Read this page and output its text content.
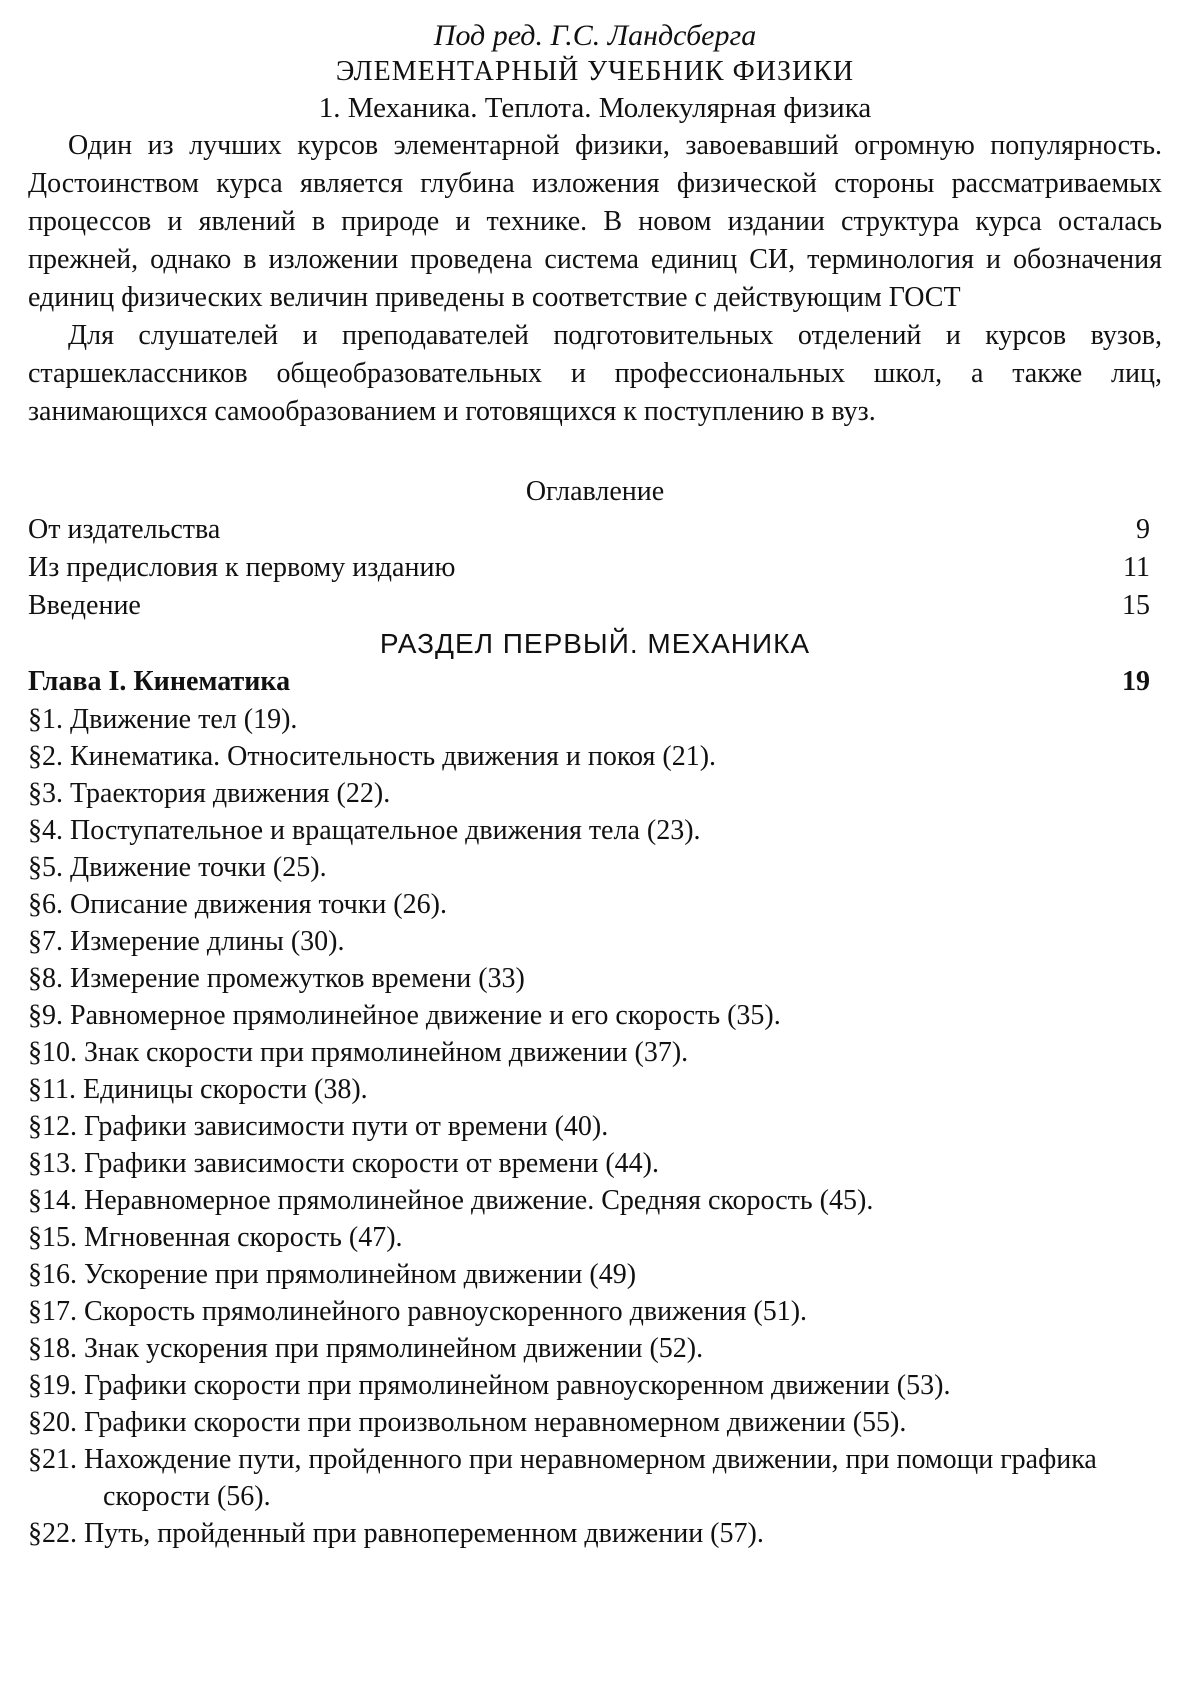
Под ред. Г.С. Ландсберга

ЭЛЕМЕНТАРНЫЙ УЧЕБНИК ФИЗИКИ

1. Механика. Теплота. Молекулярная физика

Один из лучших курсов элементарной физики, завоевавший огромную популярность. Достоинством курса является глубина изложения физической стороны рассматриваемых процессов и явлений в природе и технике. В новом издании структура курса осталась прежней, однако в изложении проведена система единиц СИ, терминология и обозначения единиц физических величин приведены в соответствие с действующим ГОСТ

Для слушателей и преподавателей подготовительных отделений и курсов вузов, старшеклассников общеобразовательных и профессиональных школ, а также лиц, занимающихся самообразованием и готовящихся к поступлению в вуз.

Оглавление
От издательства	9
Из предисловия к первому изданию	11
Введение	15

РАЗДЕЛ ПЕРВЫЙ. МЕХАНИКА

Глава I. Кинематика	19
§1. Движение тел (19).
§2. Кинематика. Относительность движения и покоя (21).
§3. Траектория движения (22).
§4. Поступательное и вращательное движения тела (23).
§5. Движение точки (25).
§6. Описание движения точки (26).
§7. Измерение длины (30).
§8. Измерение промежутков времени (33)
§9. Равномерное прямолинейное движение и его скорость (35).
§10. Знак скорости при прямолинейном движении (37).
§11. Единицы скорости (38).
§12. Графики зависимости пути от времени (40).
§13. Графики зависимости скорости от времени (44).
§14. Неравномерное прямолинейное движение. Средняя скорость (45).
§15. Мгновенная скорость (47).
§16. Ускорение при прямолинейном движении (49)
§17. Скорость прямолинейного равноускоренного движения (51).
§18. Знак ускорения при прямолинейном движении (52).
§19. Графики скорости при прямолинейном равноускоренном движении (53).
§20. Графики скорости при произвольном неравномерном движении (55).
§21. Нахождение пути, пройденного при неравномерном движении, при помощи графика скорости (56).
§22. Путь, пройденный при равнопеременном движении (57).
